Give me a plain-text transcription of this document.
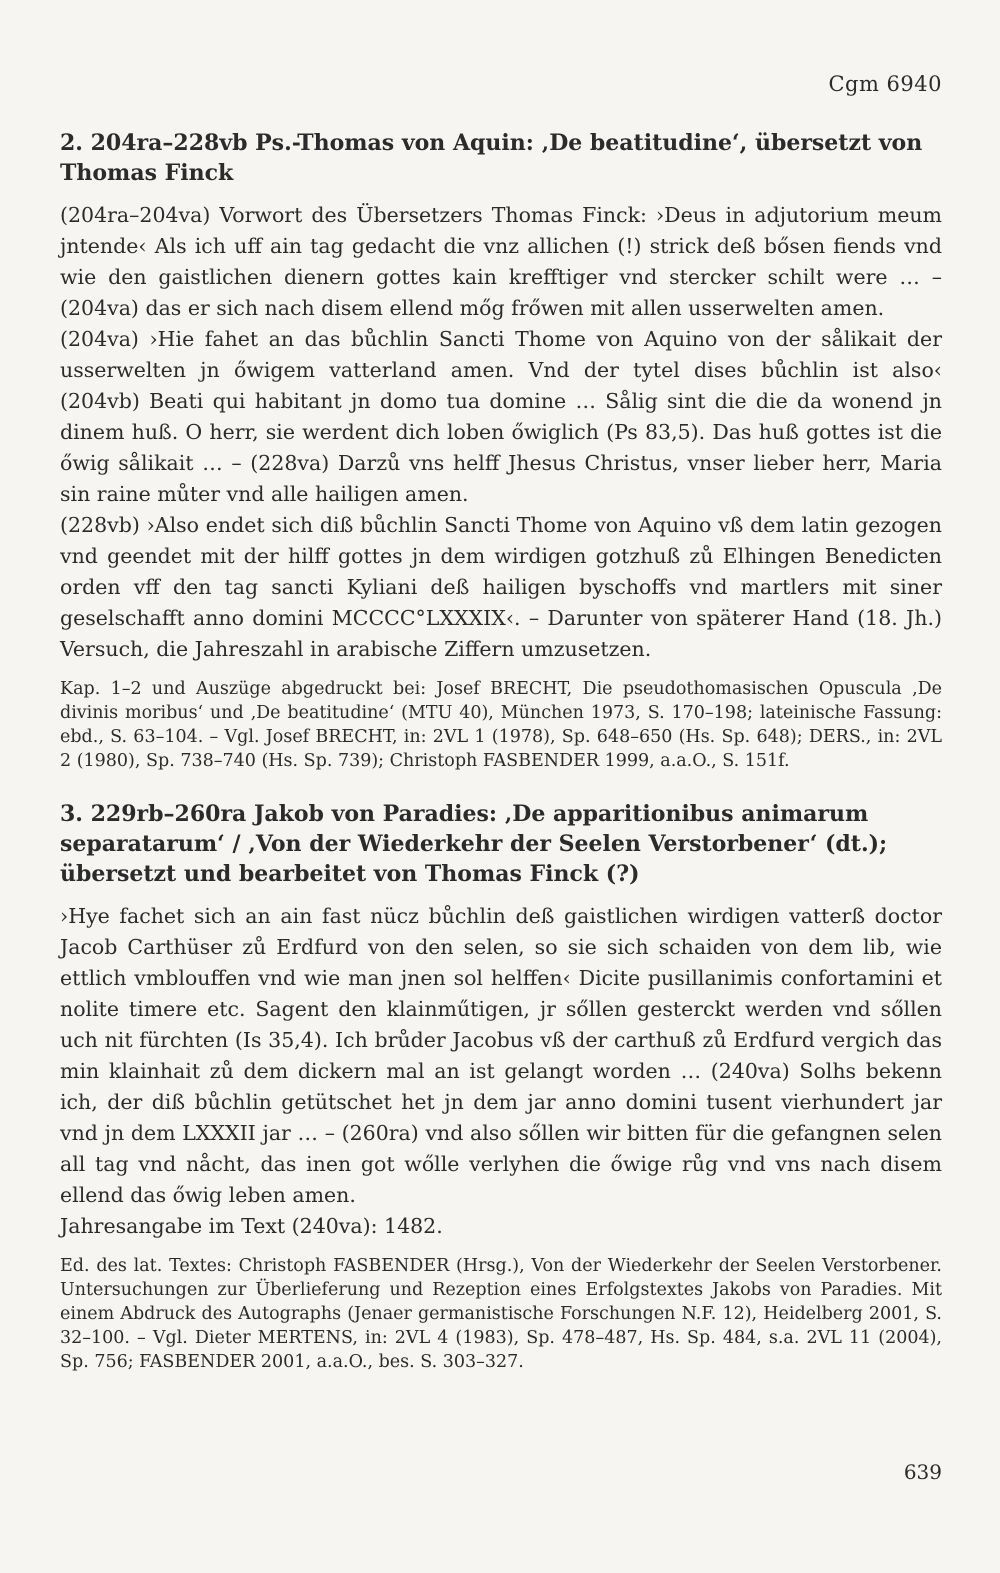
Cgm 6940
2. 204ra–228vb Ps.-Thomas von Aquin: ‚De beatitudine‘, übersetzt von Thomas Finck

(204ra–204va) Vorwort des Übersetzers Thomas Finck: ›Deus in adjutorium meum jntende‹ Als ich uff ain tag gedacht die vnz allichen (!) strick deß bősen fiends vnd wie den gaistlichen dienern gottes kain krefftiger vnd stercker schilt were … – (204va) das er sich nach disem ellend mőg frőwen mit allen usserwelten amen.

(204va) ›Hie fahet an das bůchlin Sancti Thome von Aquino von der sålikait der usserwelten jn őwigem vatterland amen. Vnd der tytel dises bůchlin ist also‹ (204vb) Beati qui habitant jn domo tua domine … Sålig sint die die da wonend jn dinem huß. O herr, sie werdent dich loben őwiglich (Ps 83,5). Das huß gottes ist die őwig sålikait … – (228va) Darzů vns helff Jhesus Christus, vnser lieber herr, Maria sin raine můter vnd alle hailigen amen.

(228vb) ›Also endet sich diß bůchlin Sancti Thome von Aquino vß dem latin gezogen vnd geendet mit der hilff gottes jn dem wirdigen gotzhuß zů Elhingen Benedicten orden vff den tag sancti Kyliani deß hailigen byschoffs vnd martlers mit siner geselschafft anno domini MCCCC°LXXXIX‹. – Darunter von späterer Hand (18. Jh.) Versuch, die Jahreszahl in arabische Ziffern umzusetzen.

Kap. 1–2 und Auszüge abgedruckt bei: Josef BRECHT, Die pseudothomasischen Opuscula ‚De divinis moribus‘ und ‚De beatitudine‘ (MTU 40), München 1973, S. 170–198; lateinische Fassung: ebd., S. 63–104. – Vgl. Josef BRECHT, in: 2VL 1 (1978), Sp. 648–650 (Hs. Sp. 648); DERS., in: 2VL 2 (1980), Sp. 738–740 (Hs. Sp. 739); Christoph FASBENDER 1999, a.a.O., S. 151f.

3. 229rb–260ra Jakob von Paradies: ‚De apparitionibus animarum separatarum‘ / ‚Von der Wiederkehr der Seelen Verstorbener‘ (dt.); übersetzt und bearbeitet von Thomas Finck (?)

›Hye fachet sich an ain fast nücz bůchlin deß gaistlichen wirdigen vatterß doctor Jacob Carthüser zů Erdfurd von den selen, so sie sich schaiden von dem lib, wie ettlich vmblouffen vnd wie man jnen sol helffen‹ Dicite pusillanimis confortamini et nolite timere etc. Sagent den klainműtigen, jr sőllen gesterckt werden vnd sőllen uch nit fürchten (Is 35,4). Ich brůder Jacobus vß der carthuß zů Erdfurd vergich das min klainhait zů dem dickern mal an ist gelangt worden … (240va) Solhs bekenn ich, der diß bůchlin getütschet het jn dem jar anno domini tusent vierhundert jar vnd jn dem LXXXII jar … – (260ra) vnd also sőllen wir bitten für die gefangnen selen all tag vnd nåcht, das inen got wőlle verlyhen die őwige růg vnd vns nach disem ellend das őwig leben amen.

Jahresangabe im Text (240va): 1482.

Ed. des lat. Textes: Christoph FASBENDER (Hrsg.), Von der Wiederkehr der Seelen Verstorbener. Untersuchungen zur Überlieferung und Rezeption eines Erfolgstextes Jakobs von Paradies. Mit einem Abdruck des Autographs (Jenaer germanistische Forschungen N.F. 12), Heidelberg 2001, S. 32–100. – Vgl. Dieter MERTENS, in: 2VL 4 (1983), Sp. 478–487, Hs. Sp. 484, s.a. 2VL 11 (2004), Sp. 756; FASBENDER 2001, a.a.O., bes. S. 303–327.

639
